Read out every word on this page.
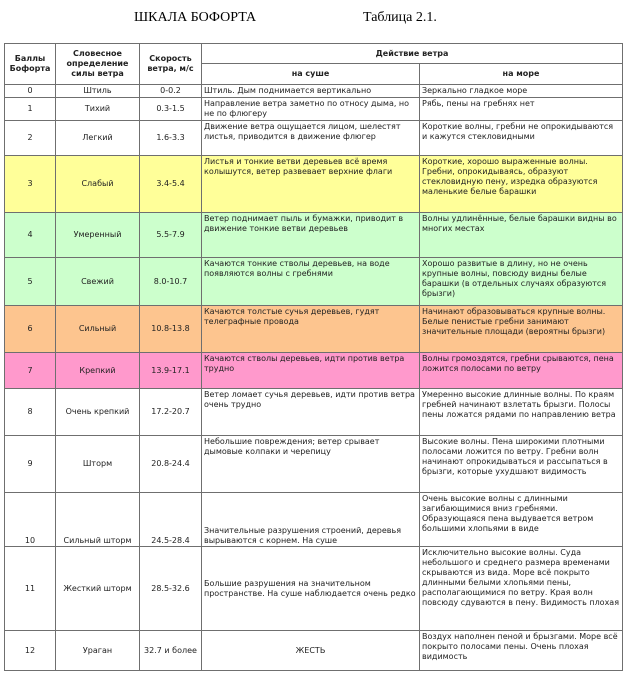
ШКАЛА БОФОРТА	Таблица 2.1.
Баллы Бофорта	Словесное определение силы ветра	Скорость ветра, м/с	Действие ветра	
			на суше	на море
0	Штиль	0-0.2	Штиль. Дым поднимается вертикально	Зеркально гладкое море
1	Тихий	0.3-1.5	Направление ветра заметно по относу дыма, но не по флюгеру	Рябь, пены на гребнях нет
2	Легкий	1.6-3.3	Движение ветра ощущается лицом, шелестят листья, приводится в движение флюгер	Короткие волны, гребни не опрокидываются и кажутся стекловидными
3	Слабый	3.4-5.4	Листья и тонкие ветви деревьев всё время колышутся, ветер развевает верхние флаги	Короткие, хорошо выраженные волны. Гребни, опрокидываясь, образуют стекловидную пену, изредка образуются маленькие белые барашки
4	Умеренный	5.5-7.9	Ветер поднимает пыль и бумажки, приводит в движение тонкие ветви деревьев	Волны удлинённые, белые барашки видны во многих местах
5	Свежий	8.0-10.7	Качаются тонкие стволы деревьев, на воде появляются волны с гребнями	Хорошо развитые в длину, но не очень крупные волны, повсюду видны белые барашки (в отдельных случаях образуются брызги)
6	Сильный	10.8-13.8	Качаются толстые сучья деревьев, гудят телеграфные провода	Начинают образовываться крупные волны. Белые пенистые гребни занимают значительные площади (вероятны брызги)
7	Крепкий	13.9-17.1	Качаются стволы деревьев, идти против ветра трудно	Волны громоздятся, гребни срываются, пена ложится полосами по ветру
8	Очень крепкий	17.2-20.7	Ветер ломает сучья деревьев, идти против ветра очень трудно	Умеренно высокие длинные волны. По краям гребней начинают взлетать брызги. Полосы пены ложатся рядами по направлению ветра
9	Шторм	20.8-24.4	Небольшие повреждения; ветер срывает дымовые колпаки и черепицу	Высокие волны. Пена широкими плотными полосами ложится по ветру. Гребни волн начинают опрокидываться и рассыпаться в брызги, которые ухудшают видимость
10	Сильный шторм	24.5-28.4	Значительные разрушения строений, деревья вырываются с корнем. На суше	Очень высокие волны с длинными загибающимися вниз гребнями. Образующаяся пена выдувается ветром большими хлопьями в виде
11	Жесткий шторм	28.5-32.6	Большие разрушения на значительном пространстве. На суше наблюдается очень редко	Исключительно высокие волны. Суда небольшого и среднего размера временами скрываются из вида. Море всё покрыто длинными белыми хлопьями пены, располагающимися по ветру. Края волн повсюду сдуваются в пену. Видимость плохая
12	Ураган	32.7 и более	ЖЕСТЬ	Воздух наполнен пеной и брызгами. Море всё покрыто полосами пены. Очень плохая видимость
